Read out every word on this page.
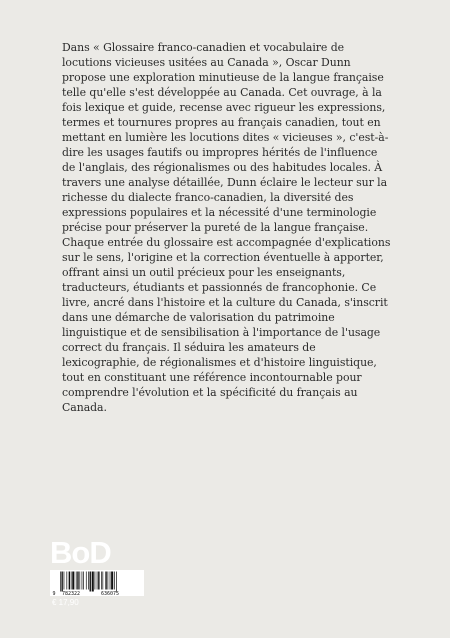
Dans « Glossaire franco-canadien et vocabulaire de locutions vicieuses usitées au Canada », Oscar Dunn propose une exploration minutieuse de la langue française telle qu'elle s'est développée au Canada. Cet ouvrage, à la fois lexique et guide, recense avec rigueur les expressions, termes et tournures propres au français canadien, tout en mettant en lumière les locutions dites « vicieuses », c'est-à-dire les usages fautifs ou impropres hérités de l'influence de l'anglais, des régionalismes ou des habitudes locales. À travers une analyse détaillée, Dunn éclaire le lecteur sur la richesse du dialecte franco-canadien, la diversité des expressions populaires et la nécessité d'une terminologie précise pour préserver la pureté de la langue française. Chaque entrée du glossaire est accompagnée d'explications sur le sens, l'origine et la correction éventuelle à apporter, offrant ainsi un outil précieux pour les enseignants, traducteurs, étudiants et passionnés de francophonie. Ce livre, ancré dans l'histoire et la culture du Canada, s'inscrit dans une démarche de valorisation du patrimoine linguistique et de sensibilisation à l'importance de l'usage correct du français. Il séduira les amateurs de lexicographie, de régionalismes et d'histoire linguistique, tout en constituant une référence incontournable pour comprendre l'évolution et la spécificité du français au Canada.

BoD
9 782322	636075
€ 17,90
